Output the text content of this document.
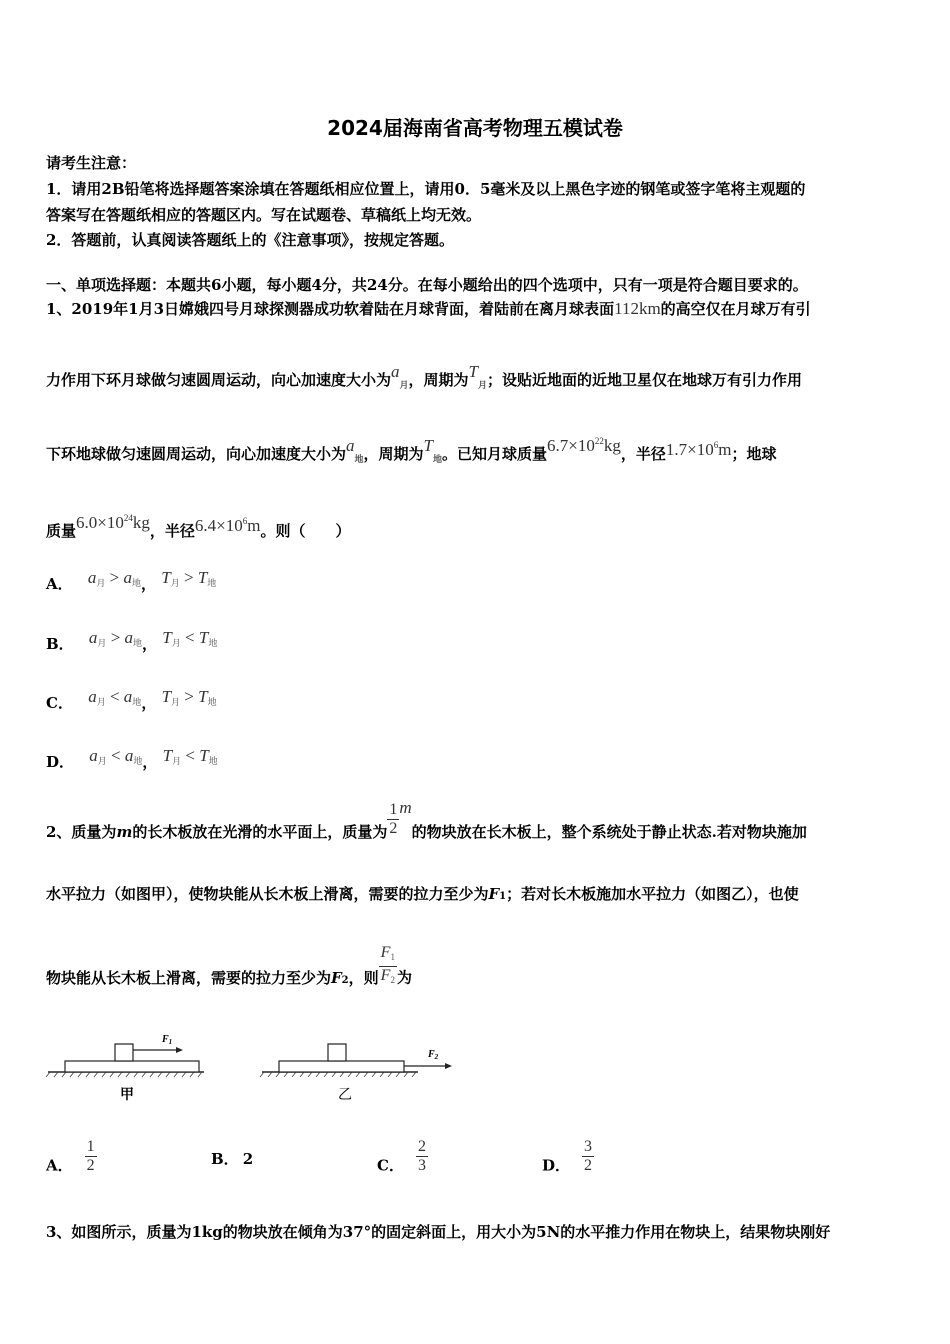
2024届海南省高考物理五模试卷
请考生注意：
1．请用2B铅笔将选择题答案涂填在答题纸相应位置上，请用0．5毫米及以上黑色字迹的钢笔或签字笔将主观题的
答案写在答题纸相应的答题区内。写在试题卷、草稿纸上均无效。
2．答题前，认真阅读答题纸上的《注意事项》，按规定答题。
一、单项选择题：本题共6小题，每小题4分，共24分。在每小题给出的四个选项中，只有一项是符合题目要求的。
1、2019年1月3日嫦娥四号月球探测器成功软着陆在月球背面，着陆前在离月球表面112km的高空仅在月球万有引
力作用下环月球做匀速圆周运动，向心加速度大小为$a_月$，周期为$T_月$；设贴近地面的近地卫星仅在地球万有引力作用
下环地球做匀速圆周运动，向心加速度大小为$a_地$，周期为$T_地$。已知月球质量$6.7\times 10^{22}kg$，半径$1.7\times 10^6m$；地球
质量$6.0\times 10^{24}kg$，半径$6.4\times 10^6m$。则（　　）
A． $a_月 > a_地$， $T_月 > T_地$
B． $a_月 > a_地$， $T_月 < T_地$
C． $a_月 < a_地$， $T_月 > T_地$
D． $a_月 < a_地$， $T_月 < T_地$
2、质量为m的长木板放在光滑的水平面上，质量为 $\frac{1}{2}$ m的物块放在长木板上，整个系统处于静止状态.若对物块施加
水平拉力（如图甲），使物块能从长木板上滑离，需要的拉力至少为F1；若对长木板施加水平拉力（如图乙），也使
物块能从长木板上滑离，需要的拉力至少为F2，则 $\frac{F_1}{F_2}$ 为
$F_1$
甲
$F_2$
乙
A． $\frac{1}{2}$	B． 2	C． $\frac{2}{3}$	D． $\frac{3}{2}$
3、如图所示，质量为1kg的物块放在倾角为37°的固定斜面上，用大小为5N的水平推力作用在物块上，结果物块刚好
